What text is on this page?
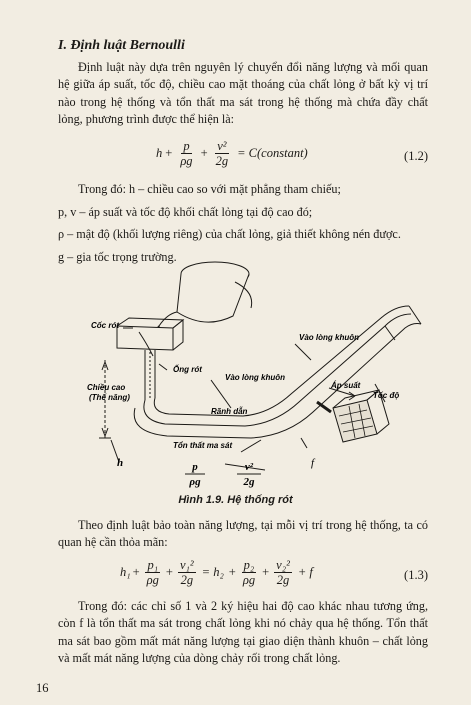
I. Định luật Bernoulli

Định luật này dựa trên nguyên lý chuyển đổi năng lượng và mối quan hệ giữa áp suất, tốc độ, chiều cao mặt thoáng của chất lỏng ở bất kỳ vị trí nào trong hệ thống và tổn thất ma sát trong hệ thống mà chứa đầy chất lỏng, phương trình được thể hiện là:

$h + \frac{p}{\rho g} + \frac{\text{v²}}{2g}$ = C(constant)	(1.2)
Trong đó: h – chiều cao so với mặt phẳng tham chiếu;
p, v – áp suất và tốc độ khối chất lỏng tại độ cao đó;
ρ – mật độ (khối lượng riêng) của chất lỏng, giả thiết không nén được.
g – gia tốc trọng trường.
Cốc rót
Ống rót
Vào lòng khuôn
Vào lòng khuôn
Chiều cao
(Thế năng)
Rãnh dẫn
Áp suất
Tốc độ
Tổn thất ma sát
h	f
p
ρg
v²
2g
Hình 1.9. Hệ thống rót

Theo định luật bảo toàn năng lượng, tại mỗi vị trí trong hệ thống, ta có quan hệ cần thỏa mãn:

$h_1 + \frac{\text{p₁}}{\rho g} + \frac{\text{v₁²}}{2g} = h_2 + \frac{\text{p₂}}{\rho g} + \frac{\text{v₂²}}{2g} + f$	(1.3)

Trong đó: các chỉ số 1 và 2 ký hiệu hai độ cao khác nhau tương ứng, còn f là tổn thất ma sát trong chất lỏng khi nó chảy qua hệ thống. Tổn thất ma sát bao gồm mất mát năng lượng tại giao diện thành khuôn – chất lỏng và mất mát năng lượng của dòng chảy rối trong chất lỏng.

16
